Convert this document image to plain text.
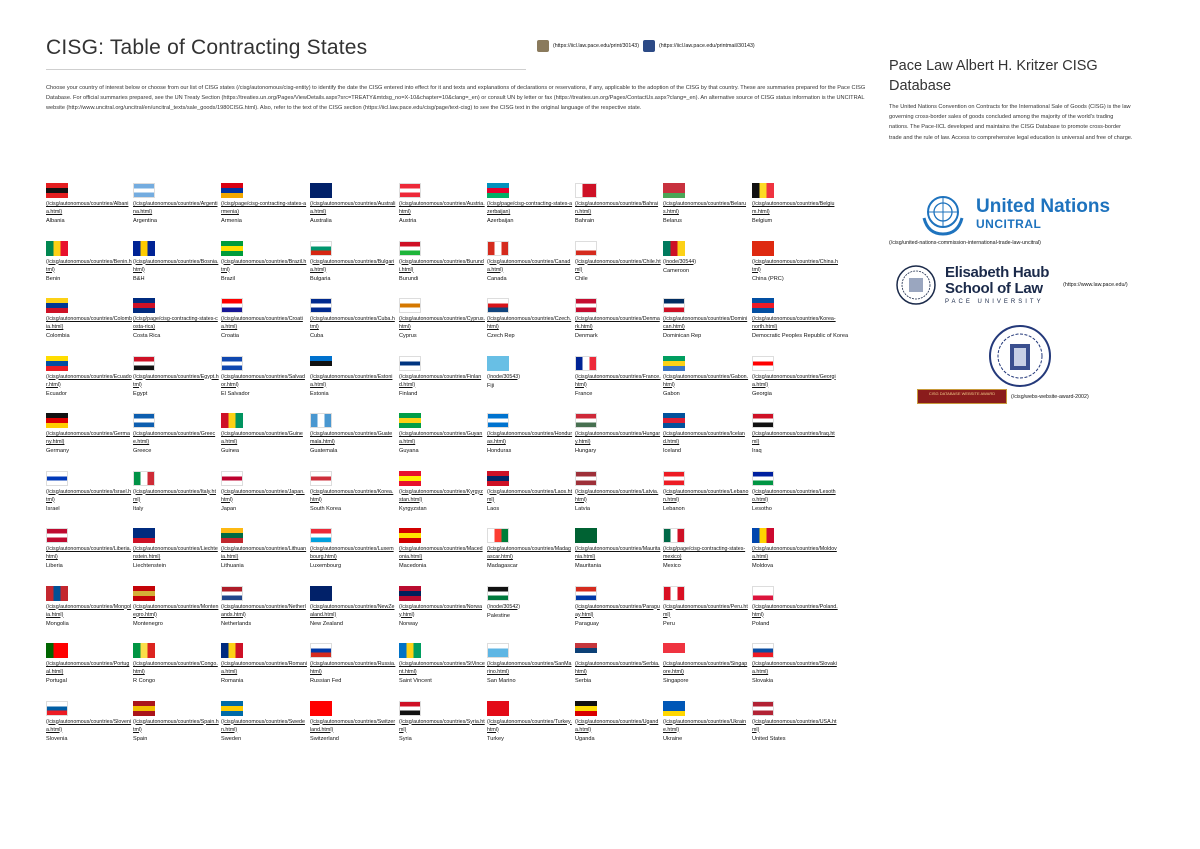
CISG: Table of Contracting States	(https://iicl.law.pace.edu/print/30143)	(https://iicl.law.pace.edu/printmail/30143)
Choose your country of interest below or choose from our list of CISG states (/cisg/autonomous/cisg-entity) to identify the date the CISG entered into effect for it and texts and explanations of declarations or reservations, if any, applicable to the adoption of the CISG by that country. These are summaries prepared for the Pace CISG Database. For official summaries prepared, see the UN Treaty Section (https://treaties.un.org/Pages/ViewDetails.aspx?src=TREATY&mtdsg_no=X-10&chapter=10&clang=_en) or consult UN by letter or fax (https://treaties.un.org/Pages/ContactUs.aspx?clang=_en). An alternative source of CISG status information is the UNCITRAL website (http://www.uncitral.org/uncitral/en/uncitral_texts/sale_goods/1980CISG.html). Also, refer to the text of the CISG section (https://iicl.law.pace.edu/cisg/page/text-cisg) to see the CISG text in the original language of the respective state.
(/cisg/autonomous/countries/Albania.html)
Albania
(/cisg/autonomous/countries/Argentina.html)
Argentina
(/cisg/page/cisg-contracting-states-armenia)
Armenia
(/cisg/autonomous/countries/Australia.html)
Australia
(/cisg/autonomous/countries/Austria.html)
Austria
(/cisg/page/cisg-contracting-states-azerbaijan)
Azerbaijan
(/cisg/autonomous/countries/Bahrain.html)
Bahrain
(/cisg/autonomous/countries/Belarus.html)
Belarus
(/cisg/autonomous/countries/Belgium.html)
Belgium
(/cisg/autonomous/countries/Benin.html)
Benin
(/cisg/autonomous/countries/Bosnia.html)
B&H
(/cisg/autonomous/countries/Brazil.html)
Brazil
(/cisg/autonomous/countries/Bulgaria.html)
Bulgaria
(/cisg/autonomous/countries/Burundi.html)
Burundi
(/cisg/autonomous/countries/Canada.html)
Canada
(/cisg/autonomous/countries/Chile.html)
Chile
(/node/30544)
Cameroon
(/cisg/autonomous/countries/China.html)
China (PRC)
(/cisg/autonomous/countries/Colombia.html)
Colombia
(/cisg/page/cisg-contracting-states-costa-rica)
Costa Rica
(/cisg/autonomous/countries/Croatia.html)
Croatia
(/cisg/autonomous/countries/Cuba.html)
Cuba
(/cisg/autonomous/countries/Cyprus.html)
Cyprus
(/cisg/autonomous/countries/Czech.html)
Czech Rep
(/cisg/autonomous/countries/Denmark.html)
Denmark
(/cisg/autonomous/countries/Dominican.html)
Dominican Rep
(/cisg/autonomous/countries/Korea-north.html)
Democratic Peoples Republic of Korea
(/cisg/autonomous/countries/Ecuador.html)
Ecuador
(/cisg/autonomous/countries/Egypt.html)
Egypt
(/cisg/autonomous/countries/Salvador.html)
El Salvador
(/cisg/autonomous/countries/Estonia.html)
Estonia
(/cisg/autonomous/countries/Finland.html)
Finland
(/node/30543)
Fiji
(/cisg/autonomous/countries/France.html)
France
(/cisg/autonomous/countries/Gabon.html)
Gabon
(/cisg/autonomous/countries/Georgia.html)
Georgia
(/cisg/autonomous/countries/Germany.html)
Germany
(/cisg/autonomous/countries/Greece.html)
Greece
(/cisg/autonomous/countries/Guinea.html)
Guinea
(/cisg/autonomous/countries/Guatemala.html)
Guatemala
(/cisg/autonomous/countries/Guyana.html)
Guyana
(/cisg/autonomous/countries/Honduras.html)
Honduras
(/cisg/autonomous/countries/Hungary.html)
Hungary
(/cisg/autonomous/countries/Iceland.html)
Iceland
(/cisg/autonomous/countries/Iraq.html)
Iraq
(/cisg/autonomous/countries/Israel.html)
Israel
(/cisg/autonomous/countries/Italy.html)
Italy
(/cisg/autonomous/countries/Japan.html)
Japan
(/cisg/autonomous/countries/Korea.html)
South Korea
(/cisg/autonomous/countries/Kyrgyzstan.html)
Kyrgyzstan
(/cisg/autonomous/countries/Laos.html)
Laos
(/cisg/autonomous/countries/Latvia.html)
Latvia
(/cisg/autonomous/countries/Lebanon.html)
Lebanon
(/cisg/autonomous/countries/Lesotho.html)
Lesotho
(/cisg/autonomous/countries/Liberia.html)
Liberia
(/cisg/autonomous/countries/Liechtenstein.html)
Liechtenstein
(/cisg/autonomous/countries/Lithuania.html)
Lithuania
(/cisg/autonomous/countries/Luxembourg.html)
Luxembourg
(/cisg/autonomous/countries/Macedonia.html)
Macedonia
(/cisg/autonomous/countries/Madagascar.html)
Madagascar
(/cisg/autonomous/countries/Mauritania.html)
Mauritania
(/cisg/page/cisg-contracting-states-mexico)
Mexico
(/cisg/autonomous/countries/Moldova.html)
Moldova
(/cisg/autonomous/countries/Mongolia.html)
Mongolia
(/cisg/autonomous/countries/Montenegro.html)
Montenegro
(/cisg/autonomous/countries/Netherlands.html)
Netherlands
(/cisg/autonomous/countries/NewZealand.html)
New Zealand
(/cisg/autonomous/countries/Norway.html)
Norway
(/node/30542)
Palestine
(/cisg/autonomous/countries/Paraguay.html)
Paraguay
(/cisg/autonomous/countries/Peru.html)
Peru
(/cisg/autonomous/countries/Poland.html)
Poland
(/cisg/autonomous/countries/Portugal.html)
Portugal
(/cisg/autonomous/countries/Congo.html)
R Congo
(/cisg/autonomous/countries/Romania.html)
Romania
(/cisg/autonomous/countries/Russia.html)
Russian Fed
(/cisg/autonomous/countries/StVincent.html)
Saint Vincent
(/cisg/autonomous/countries/SanMarino.html)
San Marino
(/cisg/autonomous/countries/Serbia.html)
Serbia
(/cisg/autonomous/countries/Singapore.html)
Singapore
(/cisg/autonomous/countries/Slovakia.html)
Slovakia
(/cisg/autonomous/countries/Slovenia.html)
Slovenia
(/cisg/autonomous/countries/Spain.html)
Spain
(/cisg/autonomous/countries/Sweden.html)
Sweden
(/cisg/autonomous/countries/Switzerland.html)
Switzerland
(/cisg/autonomous/countries/Syria.html)
Syria
(/cisg/autonomous/countries/Turkey.html)
Turkey
(/cisg/autonomous/countries/Uganda.html)
Uganda
(/cisg/autonomous/countries/Ukraine.html)
Ukraine
(/cisg/autonomous/countries/USA.html)
United States
Pace Law Albert H. Kritzer CISG Database
The United Nations Convention on Contracts for the International Sale of Goods (CISG) is the law governing cross-border sales of goods concluded among the majority of the world's trading nations. The Pace-IICL developed and maintains the CISG Database to promote cross-border trade and the rule of law. Access to comprehensive legal education is universal and free of charge.
United Nations
UNCITRAL
(/cisg/united-nations-commission-international-trade-law-uncitral)
Elisabeth Haub
School of Law
PACE UNIVERSITY
(https://www.law.pace.edu/)
CISG DATABASE WEBSITE AWARD	(/cisg/webs-website-award-2002)
